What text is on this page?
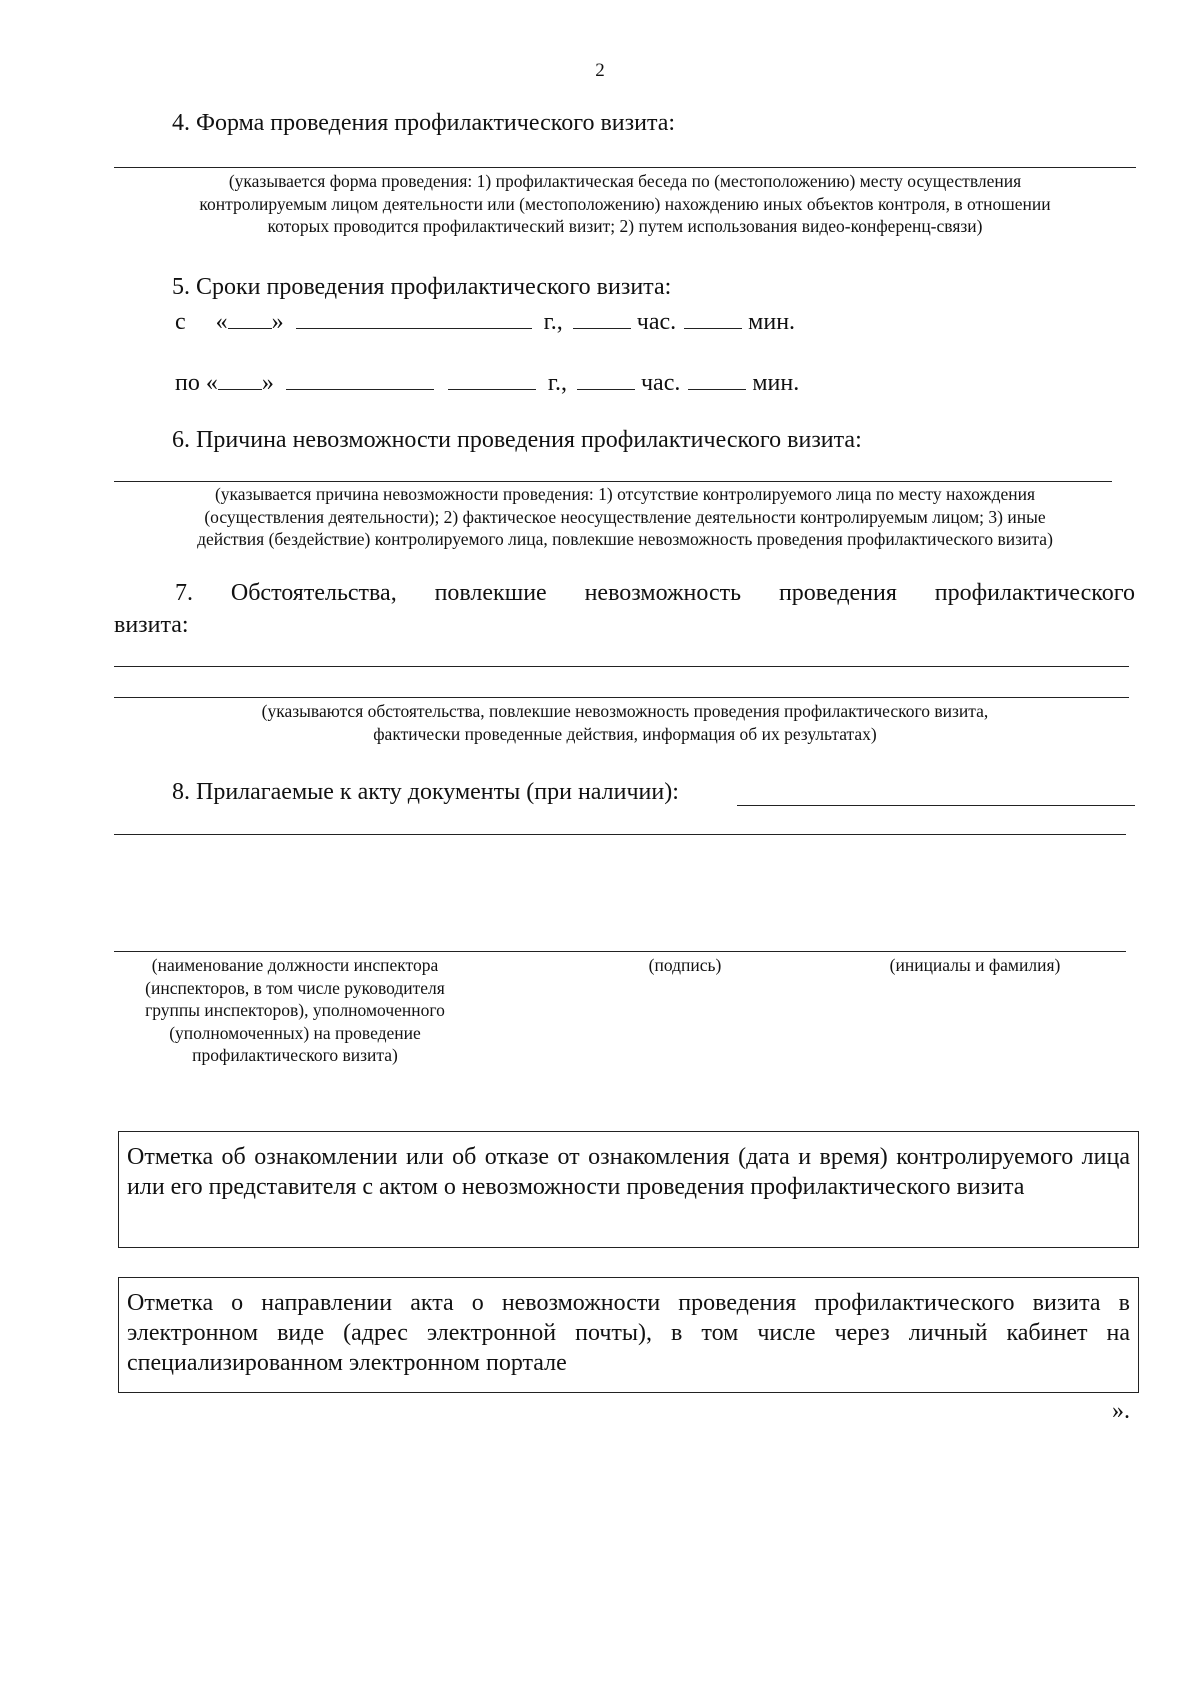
2
4. Форма проведения профилактического визита:
(указывается форма проведения: 1) профилактическая беседа по (местоположению) месту осуществления
контролируемым лицом деятельности или (местоположению) нахождению иных объектов контроля, в отношении
которых проводится профилактический визит; 2) путем использования видео-конференц-связи)
5. Сроки проведения профилактического визита:
с « »	г.,	час.	мин.
по « »	г.,	час.	мин.
6. Причина невозможности проведения профилактического визита:
(указывается причина невозможности проведения: 1) отсутствие контролируемого лица по месту нахождения
(осуществления деятельности); 2) фактическое неосуществление деятельности контролируемым лицом; 3) иные
действия (бездействие) контролируемого лица, повлекшие невозможность проведения профилактического визита)
7. Обстоятельства, повлекшие невозможность проведения профилактического
визита:
(указываются обстоятельства, повлекшие невозможность проведения профилактического визита,
фактически проведенные действия, информация об их результатах)
8. Прилагаемые к акту документы (при наличии):
(наименование должности инспектора
(инспекторов, в том числе руководителя
группы инспекторов), уполномоченного
(уполномоченных) на проведение
профилактического визита)
(подпись)	(инициалы и фамилия)
Отметка об ознакомлении или об отказе от ознакомления (дата и время) контролируемого лица или его представителя с актом о невозможности проведения профилактического визита
Отметка о направлении акта о невозможности проведения профилактического визита в электронном виде (адрес электронной почты), в том числе через личный кабинет на специализированном электронном портале
».
